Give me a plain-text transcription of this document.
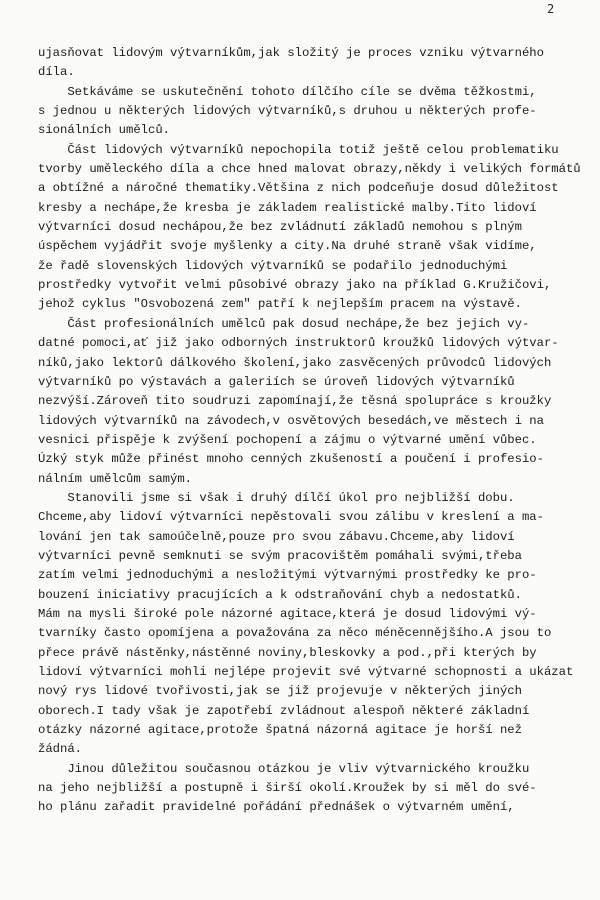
2
ujasňovat lidovým výtvarníkům,jak složitý je proces vzniku výtvarného
díla.
Setkáváme se uskutečnění tohoto dílčího cíle se dvěma těžkostmi,
s jednou u některých lidových výtvarníků,s druhou u některých profe-
sionálních umělců.
Část lidových výtvarníků nepochopila totiž ještě celou problematiku
tvorby uměleckého díla a chce hned malovat obrazy,někdy i velikých formátů
a obtížné a náročné thematiky.Většina z nich podceňuje dosud důležitost
kresby a nechápe,že kresba je základem realistické malby.Tito lidoví
výtvarníci dosud nechápou,že bez zvládnutí základů nemohou s plným
úspěchem vyjádřit svoje myšlenky a city.Na druhé straně však vidíme,
že řadě slovenských lidových výtvarníků se podařilo jednoduchými
prostředky vytvořit velmi působivé obrazy jako na příklad G.Kružičovi,
jehož cyklus "Osvobozená zem" patří k nejlepším pracem na výstavě.
Část profesionálních umělců pak dosud nechápe,že bez jejich vy-
datné pomoci,ať již jako odborných instruktorů kroužků lidových výtvar-
níků,jako lektorů dálkového školení,jako zasvěcených průvodců lidových
výtvarníků po výstavách a galeriích se úroveň lidových výtvarníků
nezvýší.Zároveň tito soudruzi zapomínají,že těsná spolupráce s kroužky
lidových výtvarníků na závodech,v osvětových besedách,ve městech i na
vesnici přispěje k zvýšení pochopení a zájmu o výtvarné umění vůbec.
Úzký styk může přinést mnoho cenných zkušeností a poučení i profesio-
nálním umělcům samým.
Stanovili jsme si však i druhý dílčí úkol pro nejbližší dobu.
Chceme,aby lidoví výtvarníci nepěstovali svou zálibu v kreslení a ma-
lování jen tak samoúčelně,pouze pro svou zábavu.Chceme,aby lidoví
výtvarníci pevně semknuti se svým pracovištěm pomáhali svými,třeba
zatím velmi jednoduchými a nesložitými výtvarnými prostředky ke pro-
bouzení iniciativy pracujících a k odstraňování chyb a nedostatků.
Mám na mysli široké pole názorné agitace,která je dosud lidovými vý-
tvarníky často opomíjena a považována za něco méněcennějšího.A jsou to
přece právě nástěnky,nástěnné noviny,bleskovky a pod.,při kterých by
lidoví výtvarníci mohli nejlépe projevit své výtvarné schopnosti a ukázat
nový rys lidové tvořivosti,jak se již projevuje v některých jiných
oborech.I tady však je zapotřebí zvládnout alespoň některé základní
otázky názorné agitace,protože špatná názorná agitace je horší než
žádná.
Jinou důležitou současnou otázkou je vliv výtvarnického kroužku
na jeho nejbližší a postupně i širší okolí.Kroužek by si měl do své-
ho plánu zařadit pravidelné pořádání přednášek o výtvarném umění,
